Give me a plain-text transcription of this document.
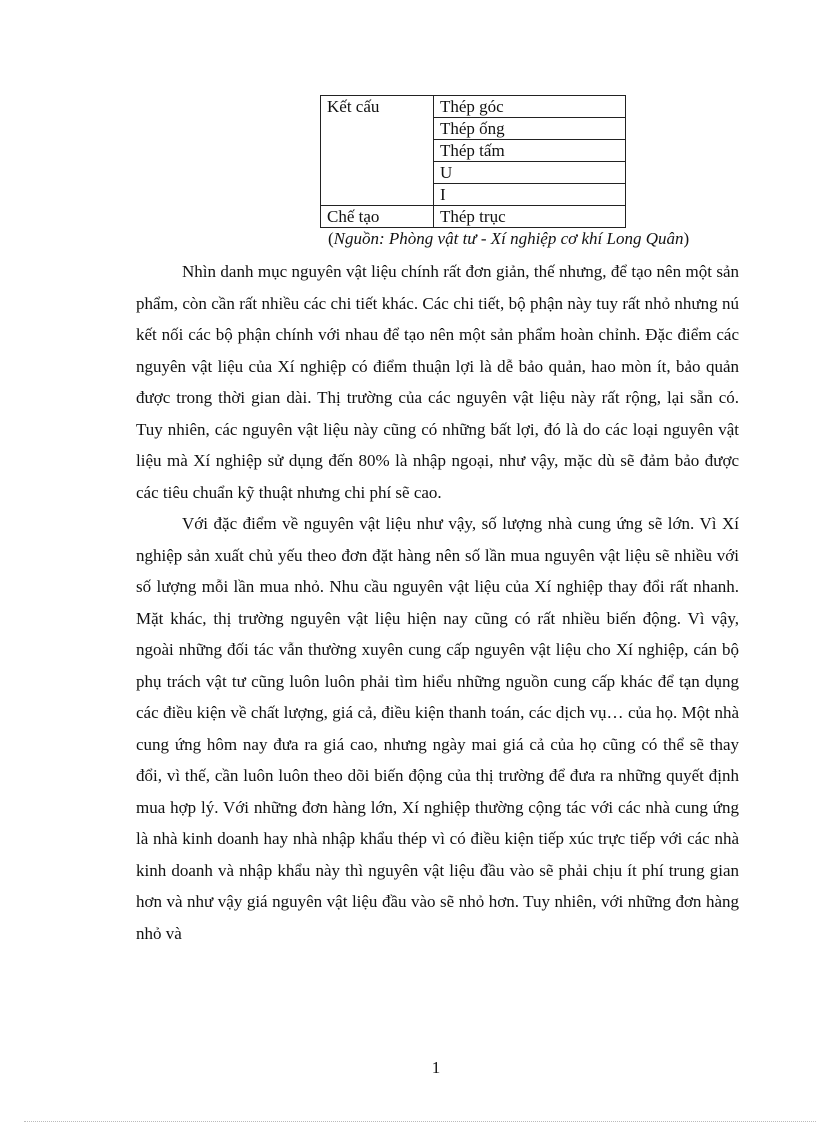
Kết cấu	Thép góc
	Thép ống
	Thép tấm
	U
	I
Chế tạo	Thép trục
(Nguồn: Phòng vật tư - Xí nghiệp cơ khí Long Quân)

Nhìn danh mục nguyên vật liệu chính rất đơn giản, thế nhưng, để tạo nên một sản phẩm, còn cần rất nhiều các chi tiết khác. Các chi tiết, bộ phận này tuy rất nhỏ nhưng nú kết nối các bộ phận chính với nhau để tạo nên một sản phẩm hoàn chỉnh. Đặc điểm các nguyên vật liệu của Xí nghiệp có điểm thuận lợi là dễ bảo quản, hao mòn ít, bảo quản được trong thời gian dài. Thị trường của các nguyên vật liệu này rất rộng, lại sẵn có. Tuy nhiên, các nguyên vật liệu này cũng có những bất lợi, đó là do các loại nguyên vật liệu mà Xí nghiệp sử dụng đến 80% là nhập ngoại, như vậy, mặc dù sẽ đảm bảo được các tiêu chuẩn kỹ thuật nhưng chi phí sẽ cao.

Với đặc điểm về nguyên vật liệu như vậy, số lượng nhà cung ứng sẽ lớn. Vì Xí nghiệp sản xuất chủ yếu theo đơn đặt hàng nên số lần mua nguyên vật liệu sẽ nhiều với số lượng mỗi lần mua nhỏ. Nhu cầu nguyên vật liệu của Xí nghiệp thay đổi rất nhanh. Mặt khác, thị trường nguyên vật liệu hiện nay cũng có rất nhiều biến động. Vì vậy, ngoài những đối tác vẫn thường xuyên cung cấp nguyên vật liệu cho Xí nghiệp, cán bộ phụ trách vật tư cũng luôn luôn phải tìm hiểu những nguồn cung cấp khác để tạn dụng các điều kiện về chất lượng, giá cả, điều kiện thanh toán, các dịch vụ… của họ. Một nhà cung ứng hôm nay đưa ra giá cao, nhưng ngày mai giá cả của họ cũng có thể sẽ thay đổi, vì thế, cần luôn luôn theo dõi biến động của thị trường để đưa ra những quyết định mua hợp lý. Với những đơn hàng lớn, Xí nghiệp thường cộng tác với các nhà cung ứng là nhà kinh doanh hay nhà nhập khẩu thép vì có điều kiện tiếp xúc trực tiếp với các nhà kinh doanh và nhập khẩu này thì nguyên vật liệu đầu vào sẽ phải chịu ít phí trung gian hơn và như vậy giá nguyên vật liệu đầu vào sẽ nhỏ hơn. Tuy nhiên, với những đơn hàng nhỏ và

1
